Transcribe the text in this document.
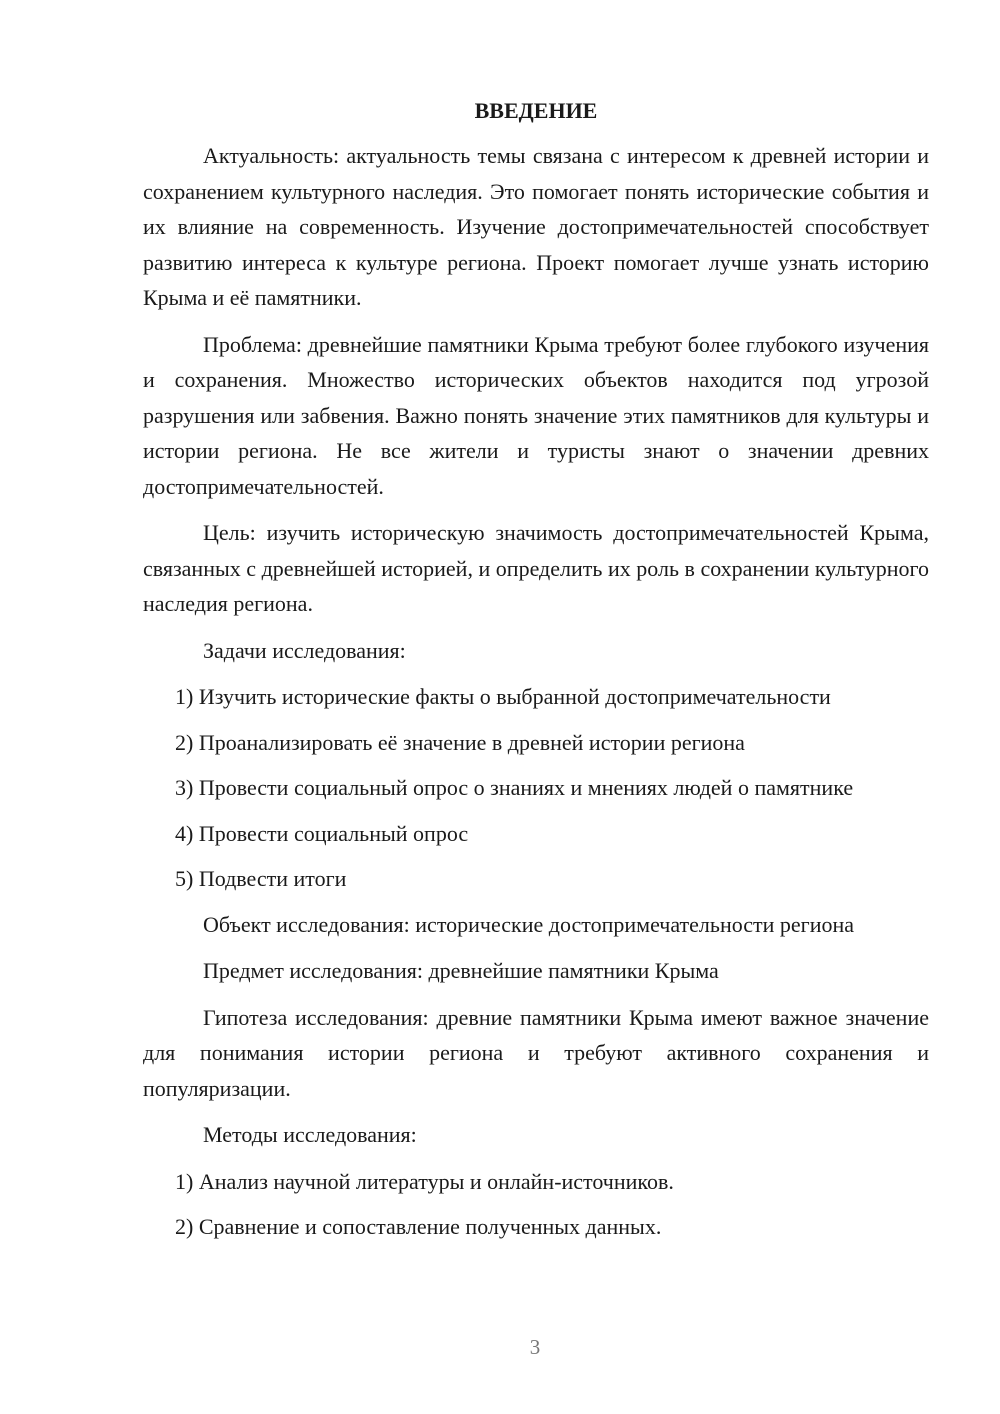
ВВЕДЕНИЕ

Актуальность: актуальность темы связана с интересом к древней истории и сохранением культурного наследия. Это помогает понять исторические события и их влияние на современность. Изучение достопримечательностей способствует развитию интереса к культуре региона. Проект помогает лучше узнать историю Крыма и её памятники.

Проблема: древнейшие памятники Крыма требуют более глубокого изучения и сохранения. Множество исторических объектов находится под угрозой разрушения или забвения. Важно понять значение этих памятников для культуры и истории региона. Не все жители и туристы знают о значении древних достопримечательностей.

Цель: изучить историческую значимость достопримечательностей Крыма, связанных с древнейшей историей, и определить их роль в сохранении культурного наследия региона.

Задачи исследования:

1) Изучить исторические факты о выбранной достопримечательности

2) Проанализировать её значение в древней истории региона

3) Провести социальный опрос о знаниях и мнениях людей о памятнике

4) Провести социальный опрос

5) Подвести итоги

Объект исследования: исторические достопримечательности региона

Предмет исследования: древнейшие памятники Крыма

Гипотеза исследования: древние памятники Крыма имеют важное значение для понимания истории региона и требуют активного сохранения и популяризации.

Методы исследования:

1) Анализ научной литературы и онлайн-источников.

2) Сравнение и сопоставление полученных данных.

3
